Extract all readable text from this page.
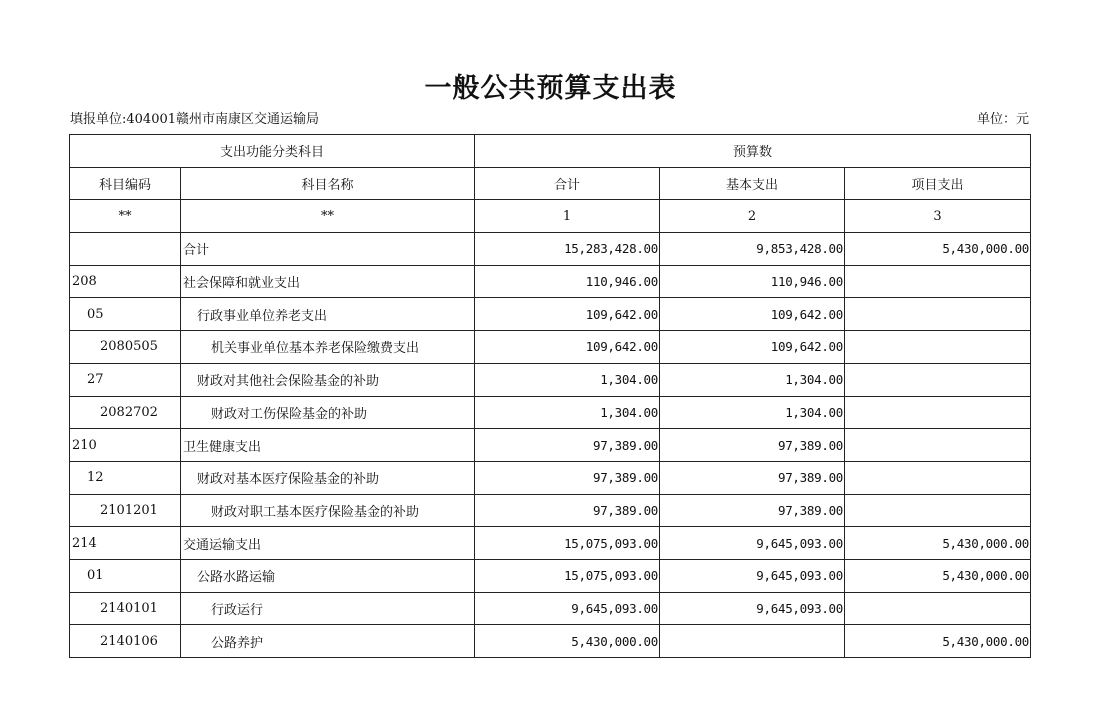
一般公共预算支出表
填报单位:404001赣州市南康区交通运输局	单位：元
支出功能分类科目		预算数		
科目编码	科目名称	合计	基本支出	项目支出
**	**	1	2	3
	合计	15,283,428.00	9,853,428.00	5,430,000.00
208	社会保障和就业支出	110,946.00	110,946.00	
05	行政事业单位养老支出	109,642.00	109,642.00	
2080505	机关事业单位基本养老保险缴费支出	109,642.00	109,642.00	
27	财政对其他社会保险基金的补助	1,304.00	1,304.00	
2082702	财政对工伤保险基金的补助	1,304.00	1,304.00	
210	卫生健康支出	97,389.00	97,389.00	
12	财政对基本医疗保险基金的补助	97,389.00	97,389.00	
2101201	财政对职工基本医疗保险基金的补助	97,389.00	97,389.00	
214	交通运输支出	15,075,093.00	9,645,093.00	5,430,000.00
01	公路水路运输	15,075,093.00	9,645,093.00	5,430,000.00
2140101	行政运行	9,645,093.00	9,645,093.00	
2140106	公路养护	5,430,000.00		5,430,000.00
